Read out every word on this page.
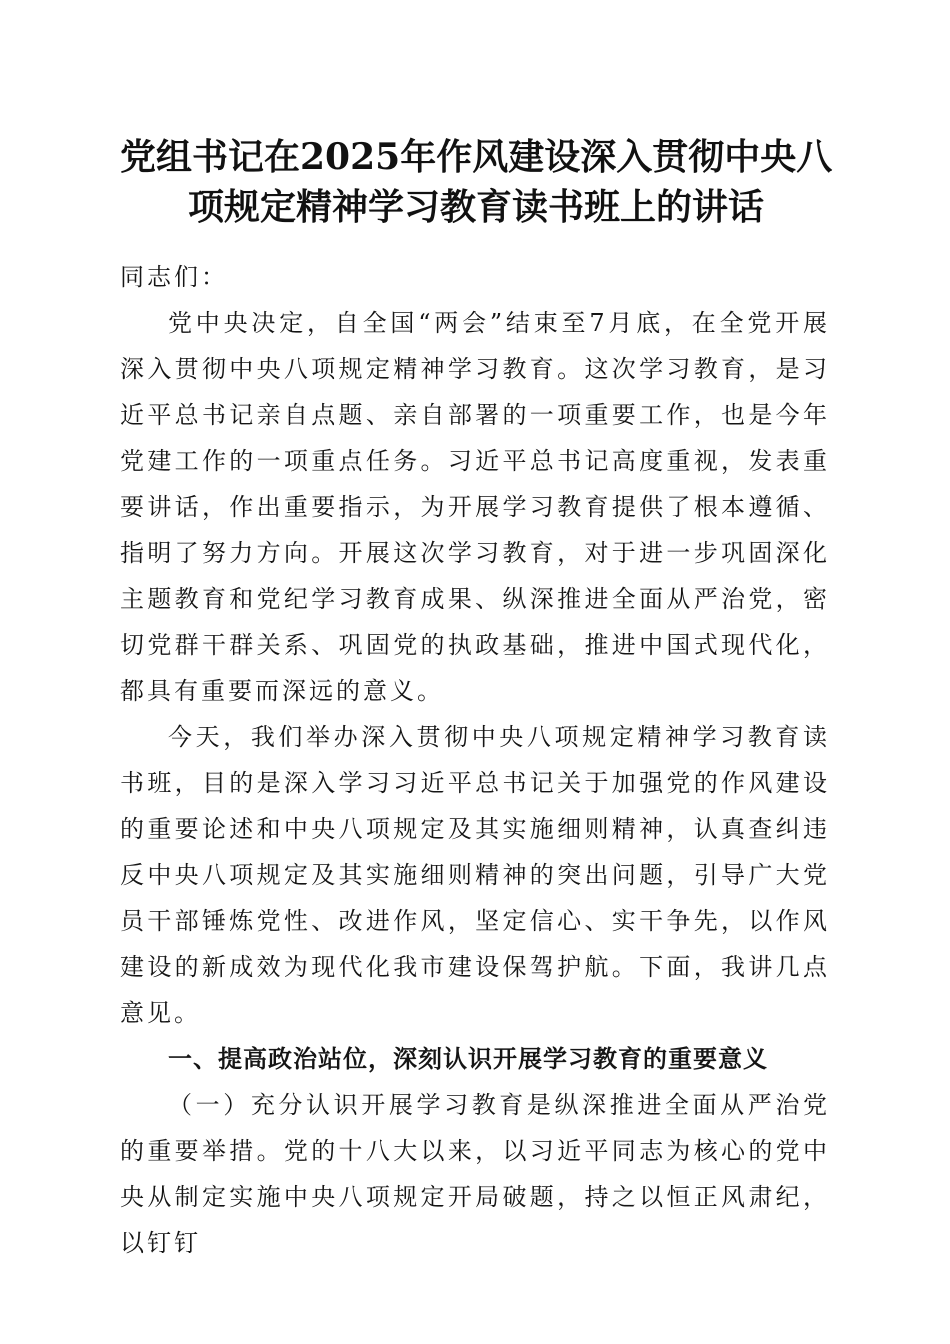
党组书记在2025年作风建设深入贯彻中央八
项规定精神学习教育读书班上的讲话

同志们：

党中央决定，自全国“两会”结束至7月底，在全党开展深入贯彻中央八项规定精神学习教育。这次学习教育，是习近平总书记亲自点题、亲自部署的一项重要工作，也是今年党建工作的一项重点任务。习近平总书记高度重视，发表重要讲话，作出重要指示，为开展学习教育提供了根本遵循、指明了努力方向。开展这次学习教育，对于进一步巩固深化主题教育和党纪学习教育成果、纵深推进全面从严治党，密切党群干群关系、巩固党的执政基础，推进中国式现代化，都具有重要而深远的意义。

今天，我们举办深入贯彻中央八项规定精神学习教育读书班，目的是深入学习习近平总书记关于加强党的作风建设的重要论述和中央八项规定及其实施细则精神，认真查纠违反中央八项规定及其实施细则精神的突出问题，引导广大党员干部锤炼党性、改进作风，坚定信心、实干争先，以作风建设的新成效为现代化我市建设保驾护航。下面，我讲几点意见。

一、提高政治站位，深刻认识开展学习教育的重要意义

（一）充分认识开展学习教育是纵深推进全面从严治党的重要举措。党的十八大以来，以习近平同志为核心的党中央从制定实施中央八项规定开局破题，持之以恒正风肃纪，以钉钉
